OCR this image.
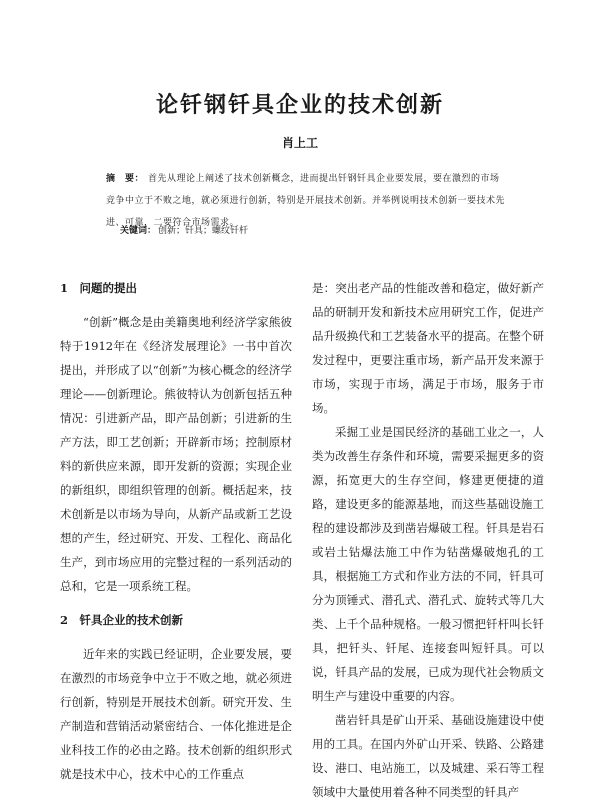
论钎钢钎具企业的技术创新
肖上工
摘　要： 首先从理论上阐述了技术创新概念，进而提出钎钢钎具企业要发展，要在激烈的市场竞争中立于不败之地，就必须进行创新，特别是开展技术创新。并举例说明技术创新一要技术先进、可靠，二要符合市场需求。
关键词： 创新；钎具；螺纹钎杆

1　问题的提出

“创新”概念是由美籍奥地利经济学家熊彼特于1912年在《经济发展理论》一书中首次提出，并形成了以“创新”为核心概念的经济学理论——创新理论。熊彼特认为创新包括五种情况：引进新产品，即产品创新；引进新的生产方法，即工艺创新；开辟新市场；控制原材料的新供应来源，即开发新的资源；实现企业的新组织，即组织管理的创新。概括起来，技术创新是以市场为导向，从新产品或新工艺设想的产生，经过研究、开发、工程化、商品化生产，到市场应用的完整过程的一系列活动的总和，它是一项系统工程。

2　钎具企业的技术创新

近年来的实践已经证明，企业要发展，要在激烈的市场竞争中立于不败之地，就必须进行创新，特别是开展技术创新。研究开发、生产制造和营销活动紧密结合、一体化推进是企业科技工作的必由之路。技术创新的组织形式就是技术中心，技术中心的工作重点

是：突出老产品的性能改善和稳定，做好新产品的研制开发和新技术应用研究工作，促进产品升级换代和工艺装备水平的提高。在整个研发过程中，更要注重市场，新产品开发来源于市场，实现于市场，满足于市场，服务于市场。

采掘工业是国民经济的基础工业之一，人类为改善生存条件和环境，需要采掘更多的资源，拓宽更大的生存空间，修建更便捷的道路，建设更多的能源基地，而这些基础设施工程的建设都涉及到凿岩爆破工程。钎具是岩石或岩土钻爆法施工中作为钻凿爆破炮孔的工具，根据施工方式和作业方法的不同，钎具可分为顶锤式、潜孔式、潜孔式、旋转式等几大类、上千个品种规格。一般习惯把钎杆叫长钎具，把钎头、钎尾、连接套叫短钎具。可以说，钎具产品的发展，已成为现代社会物质文明生产与建设中重要的内容。

凿岩钎具是矿山开采、基础设施建设中使用的工具。在国内外矿山开采、铁路、公路建设、港口、电站施工，以及城建、采石等工程领域中大量使用着各种不同类型的钎具产
